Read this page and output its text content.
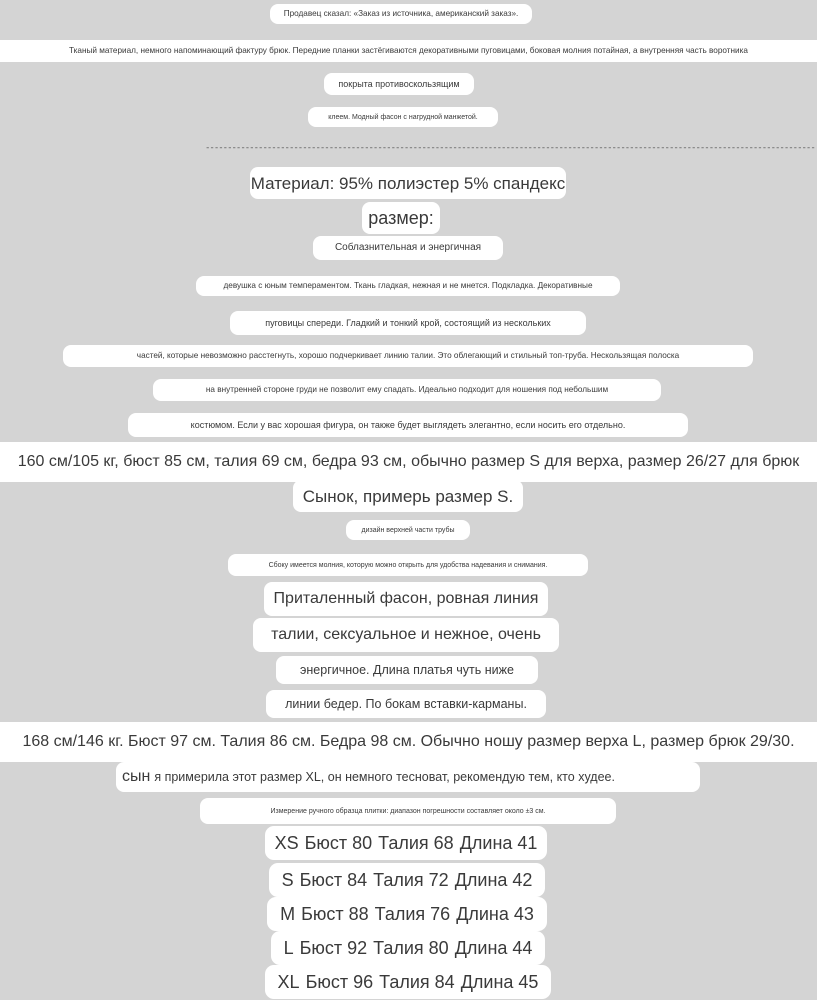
Продавец сказал: «Заказ из источника, американский заказ».
Тканый материал, немного напоминающий фактуру брюк. Передние планки застёгиваются декоративными пуговицами, боковая молния потайная, а внутренняя часть воротника
покрыта противоскользящим
клеем. Модный фасон с нагрудной манжетой.
------------------------------------------------------------------------------------------------------------------------------------------
Материал: 95% полиэстер 5% спандекс
размер:
Соблазнительная и энергичная
девушка с юным темпераментом. Ткань гладкая, нежная и не мнется. Подкладка. Декоративные
пуговицы спереди. Гладкий и тонкий крой, состоящий из нескольких
частей, которые невозможно расстегнуть, хорошо подчеркивает линию талии. Это облегающий и стильный топ-труба. Нескользящая полоска
на внутренней стороне груди не позволит ему спадать. Идеально подходит для ношения под небольшим
костюмом. Если у вас хорошая фигура, он также будет выглядеть элегантно, если носить его отдельно.
160 см/105 кг, бюст 85 см, талия 69 см, бедра 93 см, обычно размер S для верха, размер 26/27 для брюк
Сынок, примерь размер S.
дизайн верхней части трубы
Сбоку имеется молния, которую можно открыть для удобства надевания и снимания.
Приталенный фасон, ровная линия
талии, сексуальное и нежное, очень
энергичное. Длина платья чуть ниже
линии бедер. По бокам вставки-карманы.
168 см/146 кг. Бюст 97 см. Талия 86 см. Бедра 98 см. Обычно ношу размер верха L, размер брюк 29/30.
сын я примерила этот размер XL, он немного тесноват, рекомендую тем, кто худее.
Измерение ручного образца плитки: диапазон погрешности составляет около ±3 см.
XS Бюст 80 Талия 68 Длина 41
S Бюст 84 Талия 72 Длина 42
M Бюст 88 Талия 76 Длина 43
L Бюст 92 Талия 80 Длина 44
XL Бюст 96 Талия 84 Длина 45
